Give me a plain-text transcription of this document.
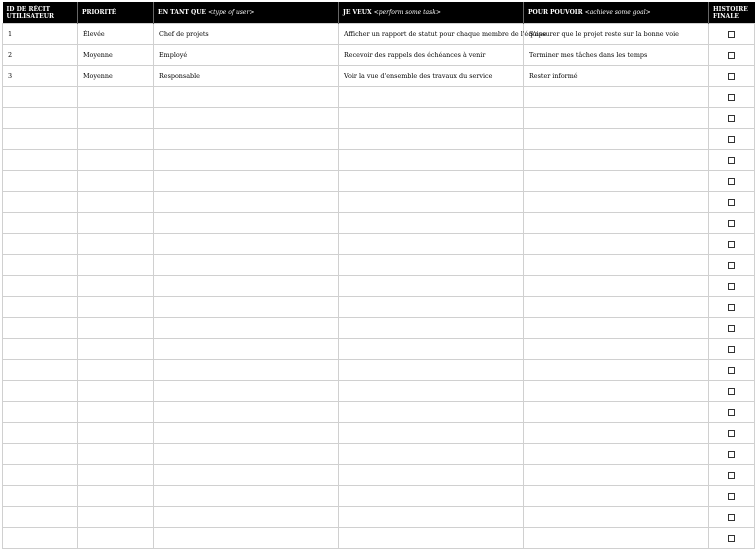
ID DE RÉCIT UTILISATEUR	PRIORITÉ	EN TANT QUE <type of user>	JE VEUX <perform some task>	POUR POUVOIR <achieve some goal>	HISTOIRE FINALE
1	Élevée	Chef de projets	Afficher un rapport de statut pour chaque membre de l'équipe	S'assurer que le projet reste sur la bonne voie	
2	Moyenne	Employé	Recevoir des rappels des échéances à venir	Terminer mes tâches dans les temps	
3	Moyenne	Responsable	Voir la vue d'ensemble des travaux du service	Rester informé	
